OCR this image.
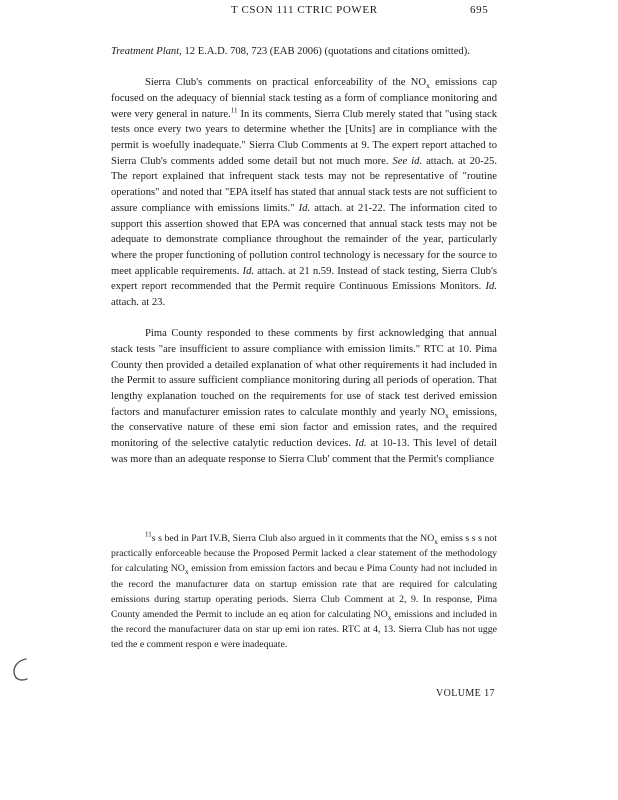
T CSON 111 CTRIC POWER	695

Treatment Plant, 12 E.A.D. 708, 723 (EAB 2006) (quotations and citations omitted).

Sierra Club's comments on practical enforceability of the $NO_x$ emissions cap focused on the adequacy of biennial stack testing as a form of compliance monitoring and were very general in nature.$^{11}$ In its comments, Sierra Club merely stated that "using stack tests once every two years to determine whether the [Units] are in compliance with the permit is woefully inadequate." Sierra Club Comments at 9. The expert report attached to Sierra Club's comments added some detail but not much more. See id. attach. at 20-25. The report explained that infrequent stack tests may not be representative of "routine operations" and noted that "EPA itself has stated that annual stack tests are not sufficient to assure compliance with emissions limits." Id. attach. at 21-22. The information cited to support this assertion showed that EPA was concerned that annual stack tests may not be adequate to demonstrate compliance throughout the remainder of the year, particularly where the proper functioning of pollution control technology is necessary for the source to meet applicable requirements. Id. attach. at 21 n.59. Instead of stack testing, Sierra Club's expert report recommended that the Permit require Continuous Emissions Monitors. Id. attach. at 23.

Pima County responded to these comments by first acknowledging that annual stack tests "are insufficient to assure compliance with emission limits." RTC at 10. Pima County then provided a detailed explanation of what other requirements it had included in the Permit to assure sufficient compliance monitoring during all periods of operation. That lengthy explanation touched on the requirements for use of stack test derived emission factors and manufacturer emission rates to calculate monthly and yearly $NO_x$ emissions, the conservative nature of these emi sion factor and emission rates, and the required monitoring of the selective catalytic reduction devices. Id. at 10-13. This level of detail was more than an adequate response to Sierra Club' comment that the Permit's compliance

$^{11}$s s bed in Part IV.B, Sierra Club also argued in it comments that the $NO_x$ emiss s s s not practically enforceable because the Proposed Permit lacked a clear statement of the methodology for calculating $NO_x$ emission from emission factors and becau e Pima County had not included in the record the manufacturer data on startup emission rate that are required for calculating emissions during startup operating periods. Sierra Club Comment at 2, 9. In response, Pima County amended the Permit to include an eq ation for calculating $NO_x$ emissions and included in the record the manufacturer data on star up emi ion rates. RTC at 4, 13. Sierra Club has not ugge ted the e comment respon e were inadequate.

VOLUME 17
